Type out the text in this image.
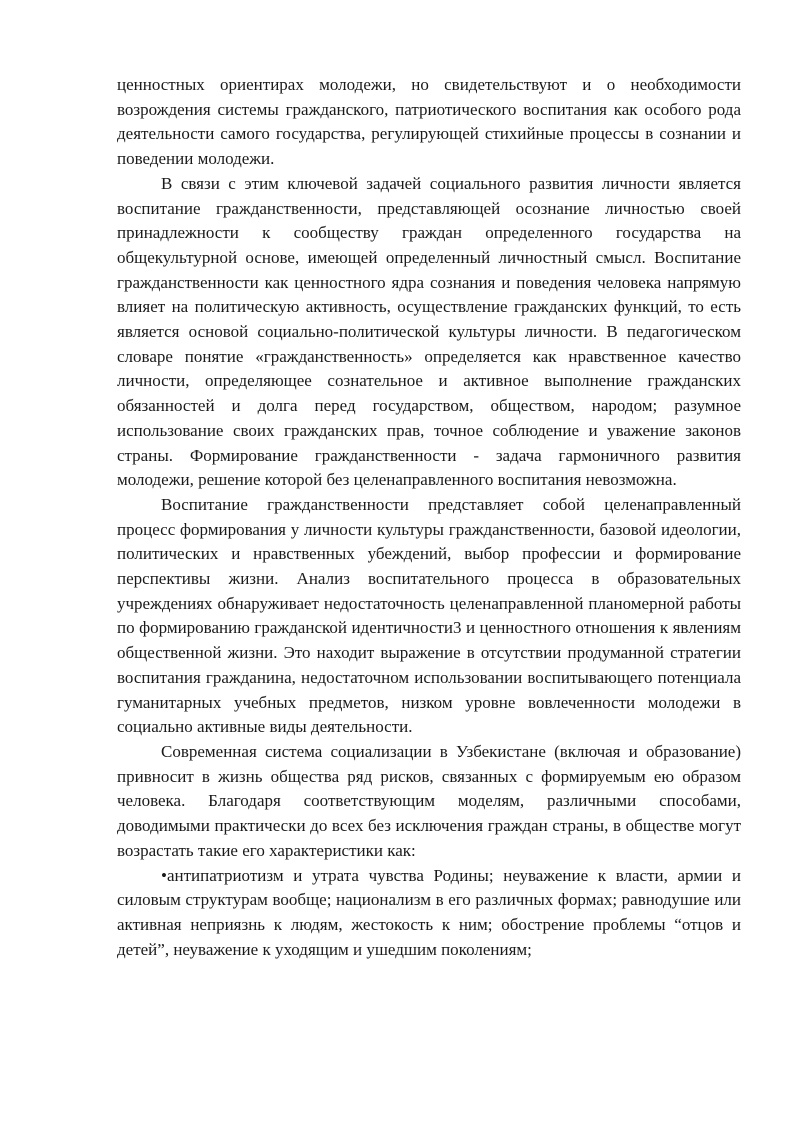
ценностных ориентирах молодежи, но свидетельствуют и о необходимости возрождения системы гражданского, патриотического воспитания как особого рода деятельности самого государства, регулирующей стихийные процессы в сознании и поведении молодежи.

В связи с этим ключевой задачей социального развития личности является воспитание гражданственности, представляющей осознание личностью своей принадлежности к сообществу граждан определенного государства на общекультурной основе, имеющей определенный личностный смысл. Воспитание гражданственности как ценностного ядра сознания и поведения человека напрямую влияет на политическую активность, осуществление гражданских функций, то есть является основой социально-политической культуры личности. В педагогическом словаре понятие «гражданственность» определяется как нравственное качество личности, определяющее сознательное и активное выполнение гражданских обязанностей и долга перед государством, обществом, народом; разумное использование своих гражданских прав, точное соблюдение и уважение законов страны. Формирование гражданственности - задача гармоничного развития молодежи, решение которой без целенаправленного воспитания невозможна.

Воспитание гражданственности представляет собой целенаправленный процесс формирования у личности культуры гражданственности, базовой идеологии, политических и нравственных убеждений, выбор профессии и формирование перспективы жизни. Анализ воспитательного процесса в образовательных учреждениях обнаруживает недостаточность целенаправленной планомерной работы по формированию гражданской идентичности3 и ценностного отношения к явлениям общественной жизни. Это находит выражение в отсутствии продуманной стратегии воспитания гражданина, недостаточном использовании воспитывающего потенциала гуманитарных учебных предметов, низком уровне вовлеченности молодежи в социально активные виды деятельности.

Современная система социализации в Узбекистане (включая и образование) привносит в жизнь общества ряд рисков, связанных с формируемым ею образом человека. Благодаря соответствующим моделям, различными способами, доводимыми практически до всех без исключения граждан страны, в обществе могут возрастать такие его характеристики как:

•антипатриотизм и утрата чувства Родины; неуважение к власти, армии и силовым структурам вообще; национализм в его различных формах; равнодушие или активная неприязнь к людям, жестокость к ним; обострение проблемы “отцов и детей”, неуважение к уходящим и ушедшим поколениям;
